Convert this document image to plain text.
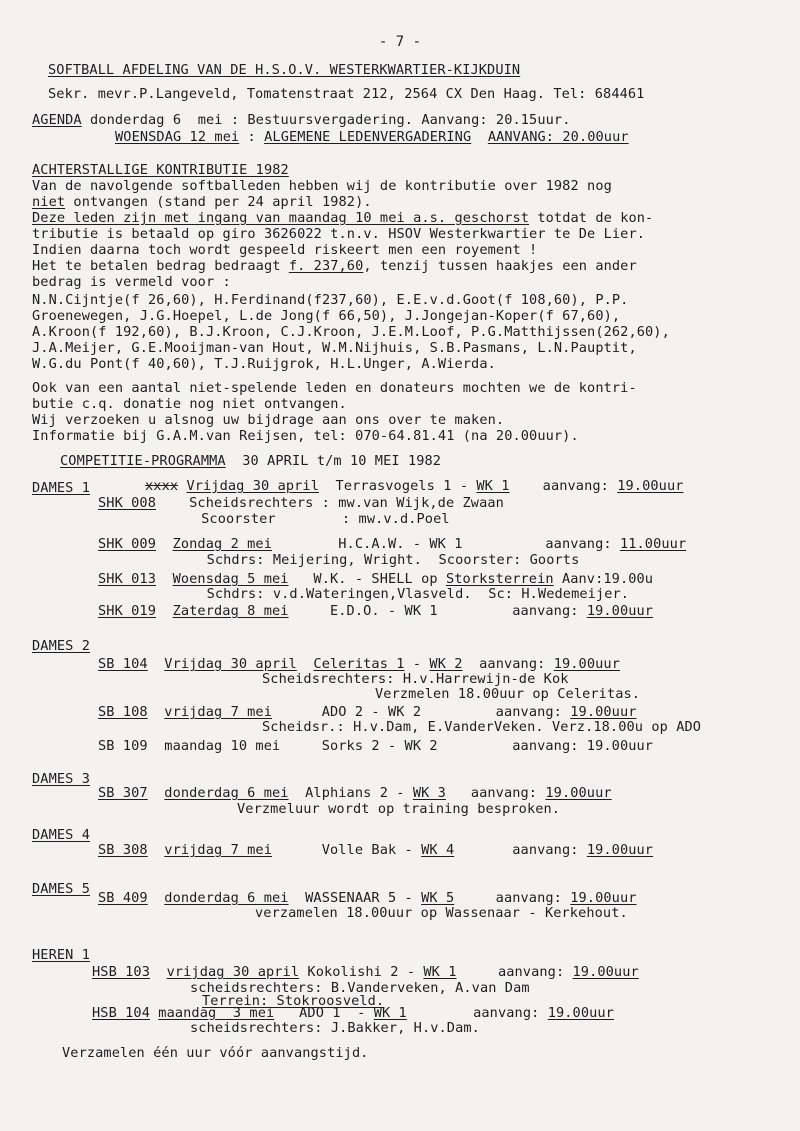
- 7 -
SOFTBALL AFDELING VAN DE H.S.O.V. WESTERKWARTIER-KIJKDUIN
Sekr. mevr.P.Langeveld, Tomatenstraat 212, 2564 CX Den Haag. Tel: 684461
AGENDA donderdag 6  mei : Bestuursvergadering. Aanvang: 20.15uur.
WOENSDAG 12 mei : ALGEMENE LEDENVERGADERING AANVANG: 20.00uur
ACHTERSTALLIGE KONTRIBUTIE 1982
Van de navolgende softballeden hebben wij de kontributie over 1982 nog
niet ontvangen (stand per 24 april 1982).
Deze leden zijn met ingang van maandag 10 mei a.s. geschorst totdat de kon-
tributie is betaald op giro 3626022 t.n.v. HSOV Westerkwartier te De Lier.
Indien daarna toch wordt gespeeld riskeert men een royement !
Het te betalen bedrag bedraagt f. 237,60, tenzij tussen haakjes een ander
bedrag is vermeld voor :
N.N.Cijntje(f 26,60), H.Ferdinand(f237,60), E.E.v.d.Goot(f 108,60), P.P.
Groenewegen, J.G.Hoepel, L.de Jong(f 66,50), J.Jongejan-Koper(f 67,60),
A.Kroon(f 192,60), B.J.Kroon, C.J.Kroon, J.E.M.Loof, P.G.Matthijssen(262,60),
J.A.Meijer, G.E.Mooijman-van Hout, W.M.Nijhuis, S.B.Pasmans, L.N.Pauptit,
W.G.du Pont(f 40,60), T.J.Ruijgrok, H.L.Unger, A.Wierda.
Ook van een aantal niet-spelende leden en donateurs mochten we de kontri-
butie c.q. donatie nog niet ontvangen.
Wij verzoeken u alsnog uw bijdrage aan ons over te maken.
Informatie bij G.A.M.van Reijsen, tel: 070-64.81.41 (na 20.00uur).
COMPETITIE-PROGRAMMA  30 APRIL t/m 10 MEI 1982
DAMES 1	xxxx Vrijdag 30 april  Terrasvogels 1 - WK 1    aanvang: 19.00uur
SHK 008    Scheidsrechters : mw.van Wijk,de Zwaan
Scoorster        : mw.v.d.Poel
SHK 009 Zondag 2 mei        H.C.A.W. - WK 1          aanvang: 11.00uur
Schdrs: Meijering, Wright.  Scoorster: Goorts
SHK 013 Woensdag 5 mei   W.K. - SHELL op Storksterrein Aanv:19.00u
Schdrs: v.d.Wateringen,Vlasveld.  Sc: H.Wedemeijer.
SHK 019 Zaterdag 8 mei     E.D.O. - WK 1         aanvang: 19.00uur
DAMES 2
SB 104 Vrijdag 30 april Celeritas 1 - WK 2  aanvang: 19.00uur
Scheidsrechters: H.v.Harrewijn-de Kok
Verzmelen 18.00uur op Celeritas.
SB 108 vrijdag 7 mei      ADO 2 - WK 2         aanvang: 19.00uur
Scheidsr.: H.v.Dam, E.VanderVeken. Verz.18.00u op ADO
SB 109 maandag 10 mei     Sorks 2 - WK 2         aanvang: 19.00uur
DAMES 3
SB 307 donderdag 6 mei  Alphians 2 - WK 3   aanvang: 19.00uur
Verzmeluur wordt op training besproken.
DAMES 4
SB 308 vrijdag 7 mei      Volle Bak - WK 4       aanvang: 19.00uur
DAMES 5
SB 409 donderdag 6 mei  WASSENAAR 5 - WK 5     aanvang: 19.00uur
verzamelen 18.00uur op Wassenaar - Kerkehout.
HEREN 1
HSB 103 vrijdag 30 april Kokolishi 2 - WK 1     aanvang: 19.00uur
scheidsrechters: B.Vanderveken, A.van Dam
Terrein: Stokroosveld.
HSB 104 maandag  3 mei   ADO 1  - WK 1        aanvang: 19.00uur
scheidsrechters: J.Bakker, H.v.Dam.
Verzamelen één uur vóór aanvangstijd.
